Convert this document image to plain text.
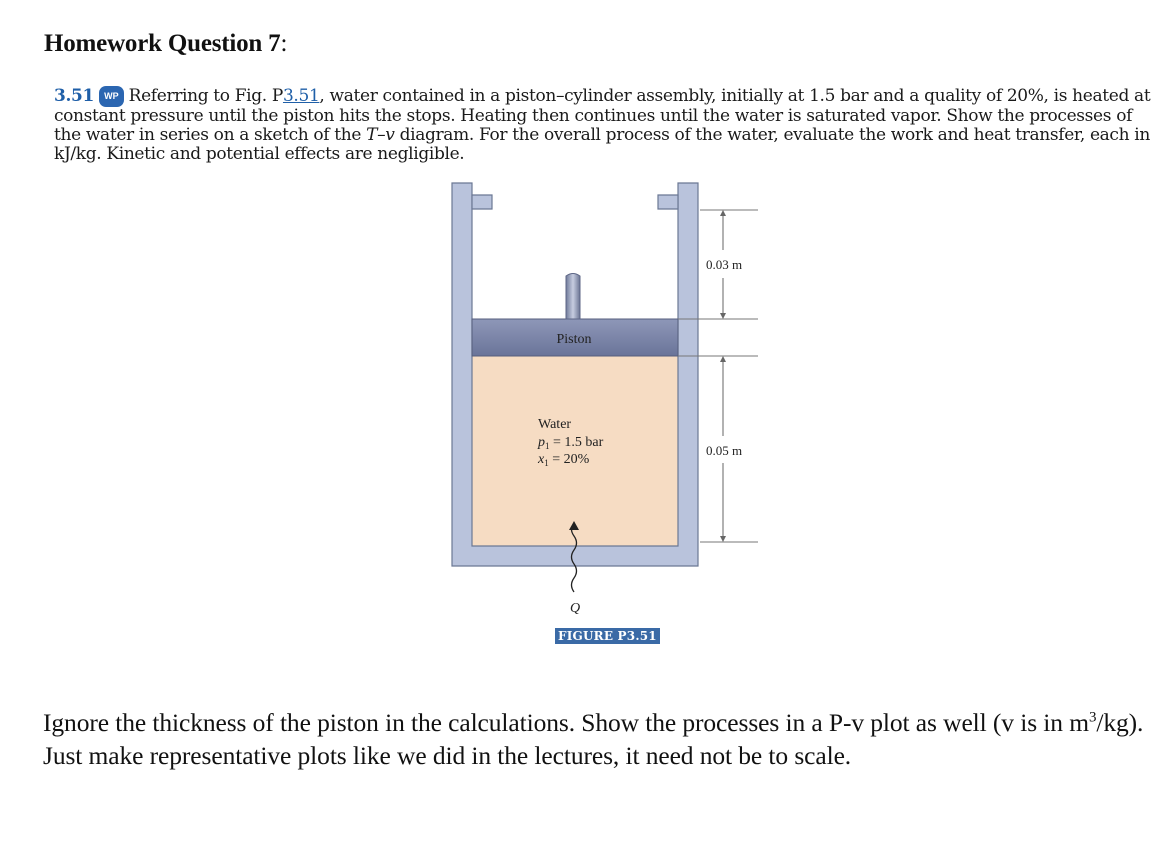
Homework Question 7:
3.51 WP Referring to Fig. P3.51, water contained in a piston–cylinder assembly, initially at 1.5 bar and a quality of 20%, is heated at constant pressure until the piston hits the stops. Heating then continues until the water is saturated vapor. Show the processes of the water in series on a sketch of the T–v diagram. For the overall process of the water, evaluate the work and heat transfer, each in kJ/kg. Kinetic and potential effects are negligible.
Piston
Water
$p_1 = 1.5$ bar
$x_1 = 20\%$
Q
0.03 m
0.05 m
FIGURE P3.51
Ignore the thickness of the piston in the calculations. Show the processes in a P-v plot as well (v is in $m^3/kg$). Just make representative plots like we did in the lectures, it need not be to scale.
